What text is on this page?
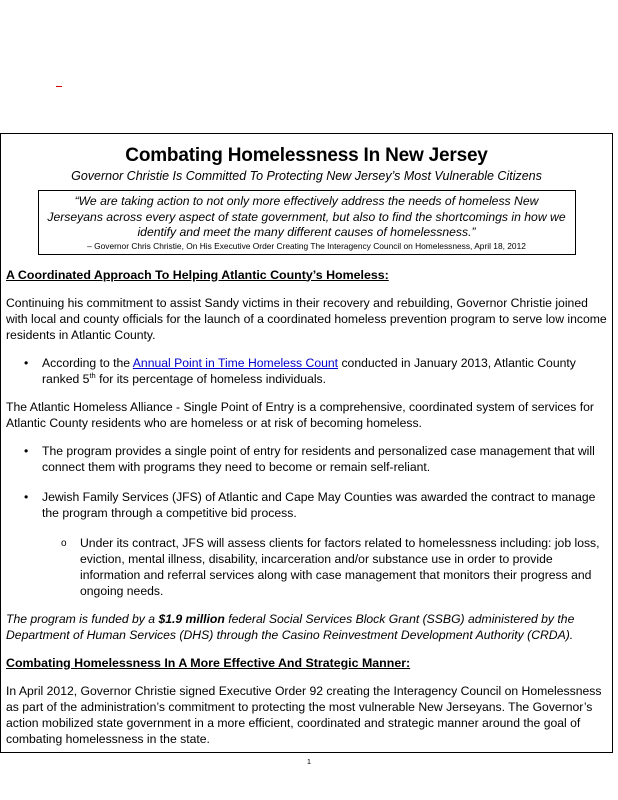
Combating Homelessness In New Jersey
Governor Christie Is Committed To Protecting New Jersey’s Most Vulnerable Citizens
“We are taking action to not only more effectively address the needs of homeless New Jerseyans across every aspect of state government, but also to find the shortcomings in how we identify and meet the many different causes of homelessness.”
– Governor Chris Christie, On His Executive Order Creating The Interagency Council on Homelessness, April 18, 2012
A Coordinated Approach To Helping Atlantic County’s Homeless:

Continuing his commitment to assist Sandy victims in their recovery and rebuilding, Governor Christie joined with local and county officials for the launch of a coordinated homeless prevention program to serve low income residents in Atlantic County.

• According to the Annual Point in Time Homeless Count conducted in January 2013, Atlantic County ranked 5th for its percentage of homeless individuals.

The Atlantic Homeless Alliance - Single Point of Entry is a comprehensive, coordinated system of services for Atlantic County residents who are homeless or at risk of becoming homeless.

• The program provides a single point of entry for residents and personalized case management that will connect them with programs they need to become or remain self-reliant.
• Jewish Family Services (JFS) of Atlantic and Cape May Counties was awarded the contract to manage the program through a competitive bid process.
o Under its contract, JFS will assess clients for factors related to homelessness including: job loss, eviction, mental illness, disability, incarceration and/or substance use in order to provide information and referral services along with case management that monitors their progress and ongoing needs.

The program is funded by a $1.9 million federal Social Services Block Grant (SSBG) administered by the Department of Human Services (DHS) through the Casino Reinvestment Development Authority (CRDA).

Combating Homelessness In A More Effective And Strategic Manner:

In April 2012, Governor Christie signed Executive Order 92 creating the Interagency Council on Homelessness as part of the administration’s commitment to protecting the most vulnerable New Jerseyans. The Governor’s action mobilized state government in a more efficient, coordinated and strategic manner around the goal of combating homelessness in the state.

1
